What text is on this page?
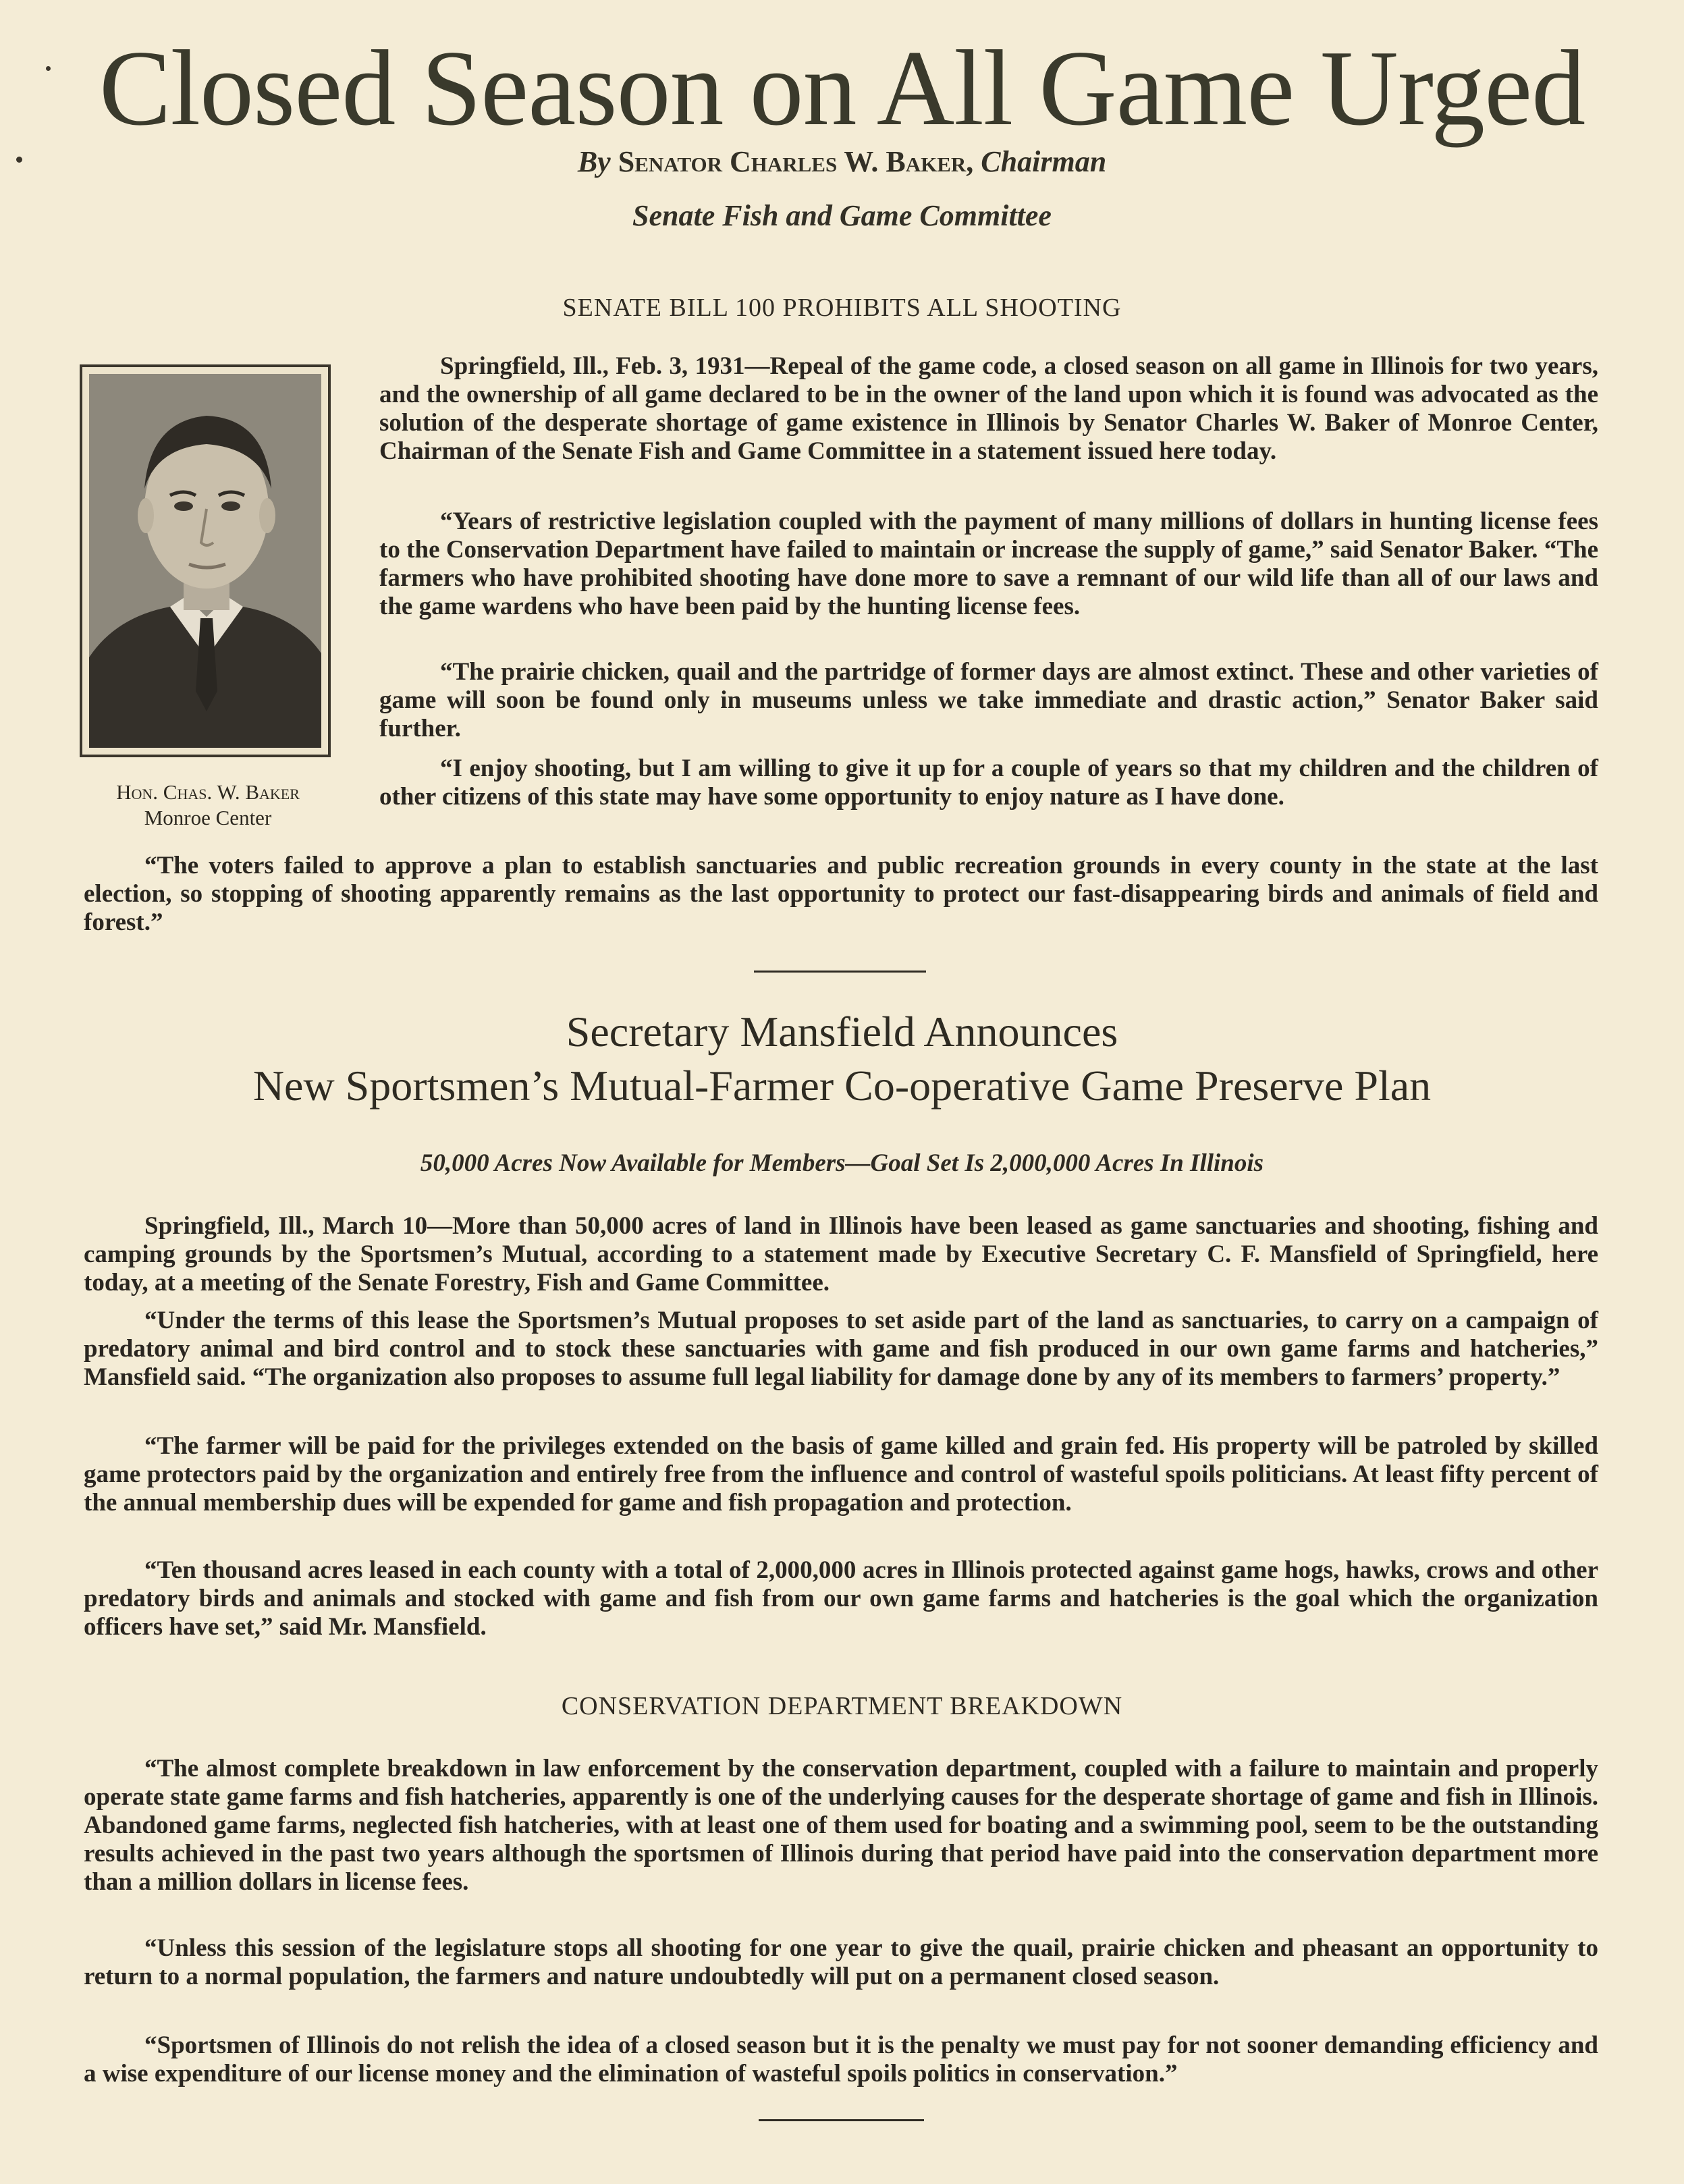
Closed Season on All Game Urged
By Senator Charles W. Baker, Chairman
Senate Fish and Game Committee
SENATE BILL 100 PROHIBITS ALL SHOOTING
Hon. Chas. W. Baker
Monroe Center

Springfield, Ill., Feb. 3, 1931—Repeal of the game code, a closed season on all game in Illinois for two years, and the ownership of all game declared to be in the owner of the land upon which it is found was advocated as the solution of the desperate shortage of game existence in Illinois by Senator Charles W. Baker of Monroe Center, Chairman of the Senate Fish and Game Committee in a statement issued here today.

“Years of restrictive legislation coupled with the payment of many millions of dollars in hunting license fees to the Conservation Department have failed to maintain or increase the supply of game,” said Senator Baker. “The farmers who have prohibited shooting have done more to save a remnant of our wild life than all of our laws and the game wardens who have been paid by the hunting license fees.

“The prairie chicken, quail and the partridge of former days are almost extinct. These and other varieties of game will soon be found only in museums unless we take immediate and drastic action,” Senator Baker said further.

“I enjoy shooting, but I am willing to give it up for a couple of years so that my children and the children of other citizens of this state may have some opportunity to enjoy nature as I have done.

“The voters failed to approve a plan to establish sanctuaries and public recreation grounds in every county in the state at the last election, so stopping of shooting apparently remains as the last opportunity to protect our fast-disappearing birds and animals of field and forest.”

Secretary Mansfield Announces
New Sportsmen’s Mutual-Farmer Co-operative Game Preserve Plan
50,000 Acres Now Available for Members—Goal Set Is 2,000,000 Acres In Illinois

Springfield, Ill., March 10—More than 50,000 acres of land in Illinois have been leased as game sanctuaries and shooting, fishing and camping grounds by the Sportsmen’s Mutual, according to a statement made by Executive Secretary C. F. Mansfield of Springfield, here today, at a meeting of the Senate Forestry, Fish and Game Committee.

“Under the terms of this lease the Sportsmen’s Mutual proposes to set aside part of the land as sanctuaries, to carry on a campaign of predatory animal and bird control and to stock these sanctuaries with game and fish produced in our own game farms and hatcheries,” Mansfield said. “The organization also proposes to assume full legal liability for damage done by any of its members to farmers’ property.”

“The farmer will be paid for the privileges extended on the basis of game killed and grain fed. His property will be patroled by skilled game protectors paid by the organization and entirely free from the influence and control of wasteful spoils politicians. At least fifty percent of the annual membership dues will be expended for game and fish propagation and protection.

“Ten thousand acres leased in each county with a total of 2,000,000 acres in Illinois protected against game hogs, hawks, crows and other predatory birds and animals and stocked with game and fish from our own game farms and hatcheries is the goal which the organization officers have set,” said Mr. Mansfield.

CONSERVATION DEPARTMENT BREAKDOWN

“The almost complete breakdown in law enforcement by the conservation department, coupled with a failure to maintain and properly operate state game farms and fish hatcheries, apparently is one of the underlying causes for the desperate shortage of game and fish in Illinois. Abandoned game farms, neglected fish hatcheries, with at least one of them used for boating and a swimming pool, seem to be the outstanding results achieved in the past two years although the sportsmen of Illinois during that period have paid into the conservation department more than a million dollars in license fees.

“Unless this session of the legislature stops all shooting for one year to give the quail, prairie chicken and pheasant an opportunity to return to a normal population, the farmers and nature undoubtedly will put on a permanent closed season.

“Sportsmen of Illinois do not relish the idea of a closed season but it is the penalty we must pay for not sooner demanding efficiency and a wise expenditure of our license money and the elimination of wasteful spoils politics in conservation.”
